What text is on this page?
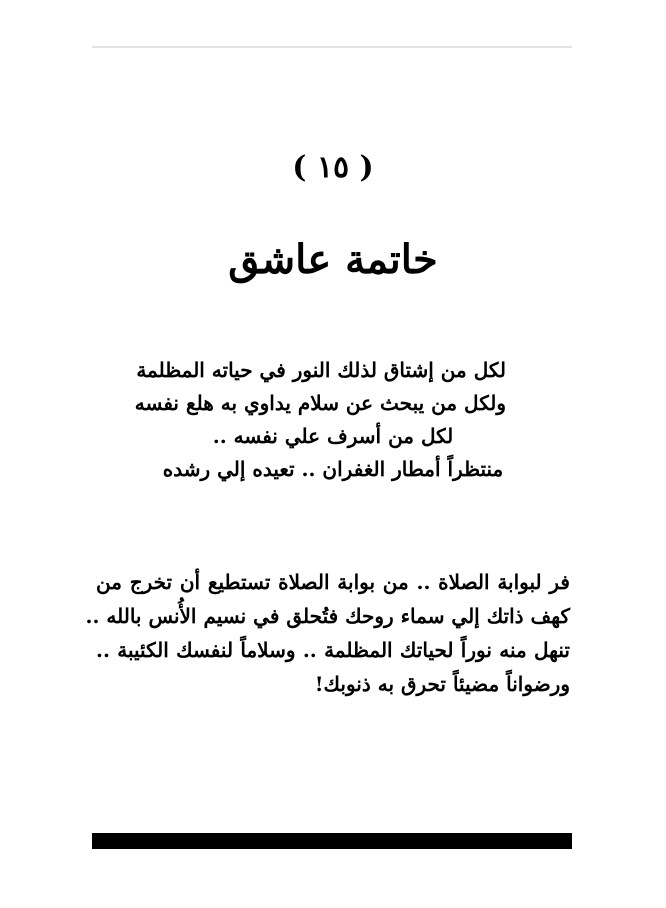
( ١٥ )
خاتمة عاشق
لكل من إشتاق لذلك النور في حياته المظلمة
ولكل من يبحث عن سلام يداوي به هلع نفسه
لكل من أسرف علي نفسه ..
منتظراً أمطار الغفران .. تعيده إلي رشده
فر لبوابة الصلاة .. من بوابة الصلاة تستطيع أن تخرج من
كهف ذاتك إلي سماء روحك فتُحلق في نسيم الأُنس بالله ..
تنهل منه نوراً لحياتك المظلمة .. وسلاماً لنفسك الكئيبة ..
ورضواناً مضيئاً تحرق به ذنوبك!
